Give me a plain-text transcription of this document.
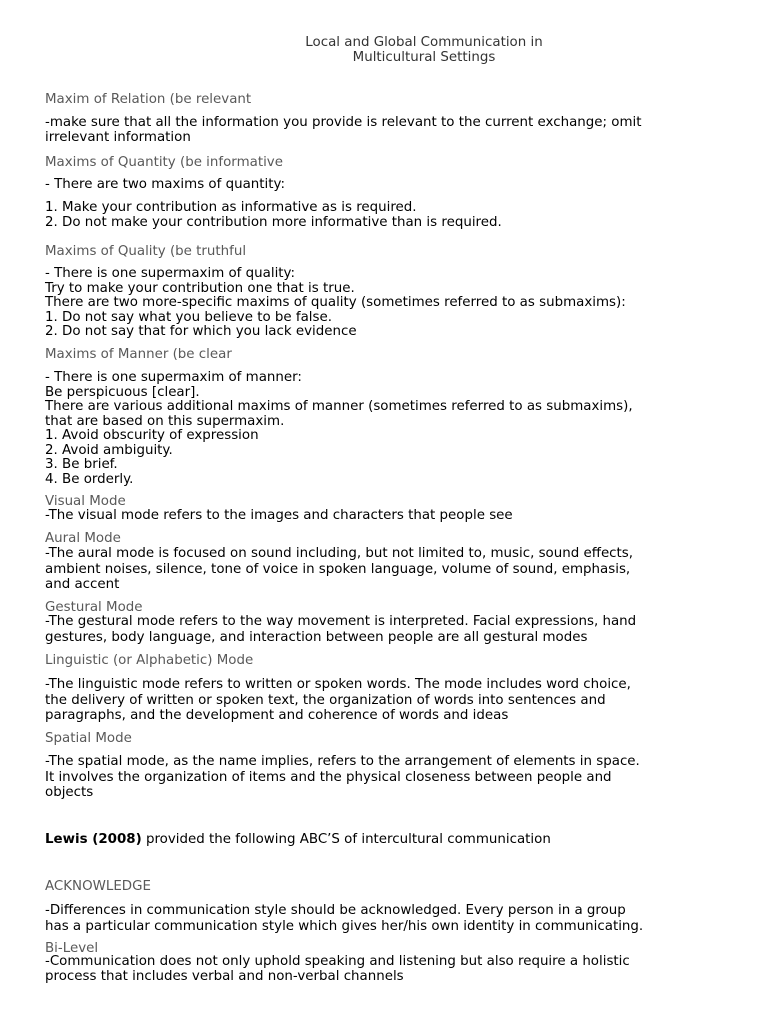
Local and Global Communication in
Multicultural Settings
Maxim of Relation (be relevant
-make sure that all the information you provide is relevant to the current exchange; omit
irrelevant information
Maxims of Quantity (be informative
- There are two maxims of quantity:
1. Make your contribution as informative as is required.
2. Do not make your contribution more informative than is required.
Maxims of Quality (be truthful
- There is one supermaxim of quality:
Try to make your contribution one that is true.
There are two more-specific maxims of quality (sometimes referred to as submaxims):
1. Do not say what you believe to be false.
2. Do not say that for which you lack evidence
Maxims of Manner (be clear
- There is one supermaxim of manner:
Be perspicuous [clear].
There are various additional maxims of manner (sometimes referred to as submaxims),
that are based on this supermaxim.
1. Avoid obscurity of expression
2. Avoid ambiguity.
3. Be brief.
4. Be orderly.
Visual Mode
-The visual mode refers to the images and characters that people see
Aural Mode
-The aural mode is focused on sound including, but not limited to, music, sound effects,
ambient noises, silence, tone of voice in spoken language, volume of sound, emphasis,
and accent
Gestural Mode
-The gestural mode refers to the way movement is interpreted. Facial expressions, hand
gestures, body language, and interaction between people are all gestural modes
Linguistic (or Alphabetic) Mode
-The linguistic mode refers to written or spoken words. The mode includes word choice,
the delivery of written or spoken text, the organization of words into sentences and
paragraphs, and the development and coherence of words and ideas
Spatial Mode
-The spatial mode, as the name implies, refers to the arrangement of elements in space.
It involves the organization of items and the physical closeness between people and
objects
Lewis (2008) provided the following ABC’S of intercultural communication
ACKNOWLEDGE
-Differences in communication style should be acknowledged. Every person in a group
has a particular communication style which gives her/his own identity in communicating.
Bi-Level
-Communication does not only uphold speaking and listening but also require a holistic
process that includes verbal and non-verbal channels
